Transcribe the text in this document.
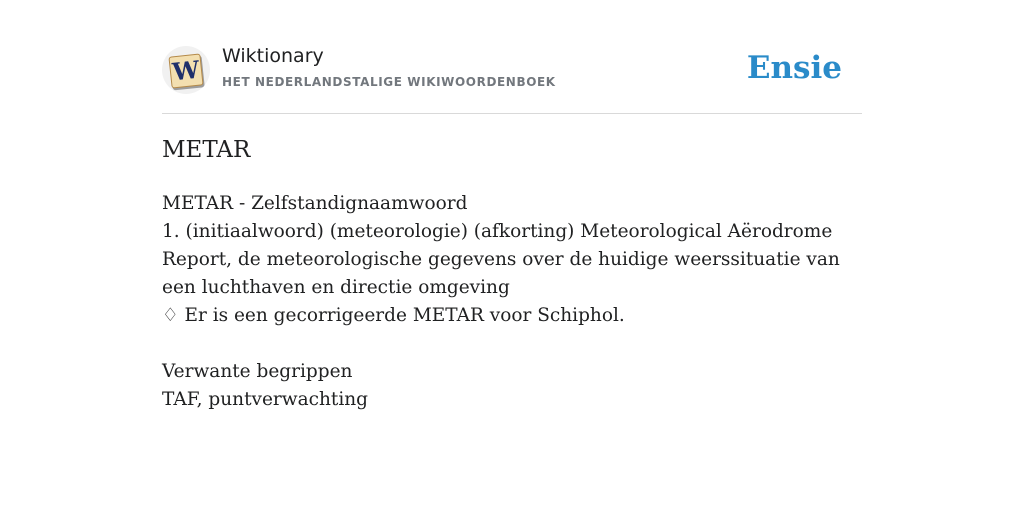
W Wiktionary
HET NEDERLANDSTALIGE WIKIWOORDENBOEK	Ensie
METAR

METAR - Zelfstandignaamwoord

1. (initiaalwoord) (meteorologie) (afkorting) Meteorological Aërodrome Report, de meteorologische gegevens over de huidige weerssituatie van een luchthaven en directie omgeving

♢ Er is een gecorrigeerde METAR voor Schiphol.

Verwante begrippen

TAF, puntverwachting
